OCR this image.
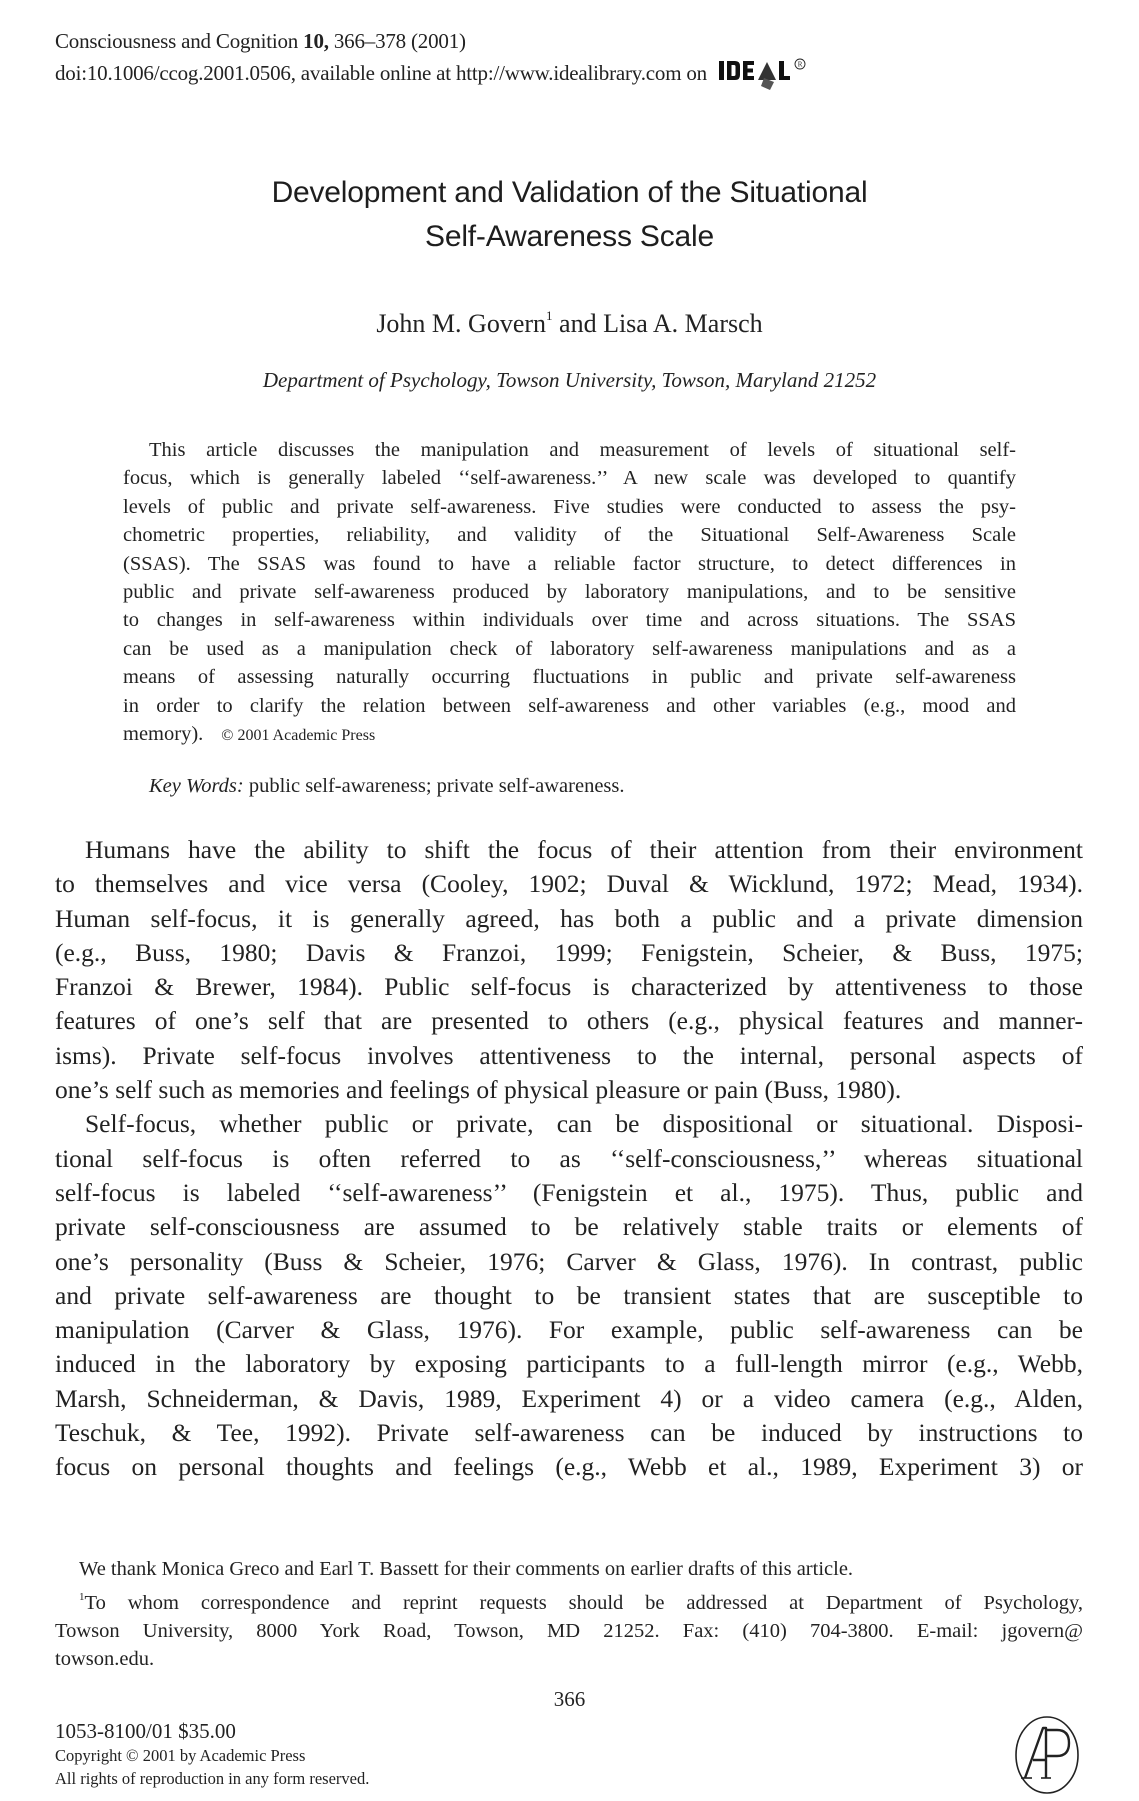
Consciousness and Cognition 10, 366–378 (2001)
doi:10.1006/ccog.2001.0506, available online at http://www.idealibrary.com on	R
Development and Validation of the Situational
Self-Awareness Scale
John M. Govern$^1$ and Lisa A. Marsch
Department of Psychology, Towson University, Towson, Maryland 21252
This article discusses the manipulation and measurement of levels of situational self-
focus, which is generally labeled ‘‘self-awareness.’’ A new scale was developed to quantify
levels of public and private self-awareness. Five studies were conducted to assess the psy-
chometric properties, reliability, and validity of the Situational Self-Awareness Scale
(SSAS). The SSAS was found to have a reliable factor structure, to detect differences in
public and private self-awareness produced by laboratory manipulations, and to be sensitive
to changes in self-awareness within individuals over time and across situations. The SSAS
can be used as a manipulation check of laboratory self-awareness manipulations and as a
means of assessing naturally occurring fluctuations in public and private self-awareness
in order to clarify the relation between self-awareness and other variables (e.g., mood and
memory). © 2001 Academic Press
Key Words: public self-awareness; private self-awareness.
Humans have the ability to shift the focus of their attention from their environment
to themselves and vice versa (Cooley, 1902; Duval & Wicklund, 1972; Mead, 1934).
Human self-focus, it is generally agreed, has both a public and a private dimension
(e.g., Buss, 1980; Davis & Franzoi, 1999; Fenigstein, Scheier, & Buss, 1975;
Franzoi & Brewer, 1984). Public self-focus is characterized by attentiveness to those
features of one’s self that are presented to others (e.g., physical features and manner-
isms). Private self-focus involves attentiveness to the internal, personal aspects of
one’s self such as memories and feelings of physical pleasure or pain (Buss, 1980).
Self-focus, whether public or private, can be dispositional or situational. Disposi-
tional self-focus is often referred to as ‘‘self-consciousness,’’ whereas situational
self-focus is labeled ‘‘self-awareness’’ (Fenigstein et al., 1975). Thus, public and
private self-consciousness are assumed to be relatively stable traits or elements of
one’s personality (Buss & Scheier, 1976; Carver & Glass, 1976). In contrast, public
and private self-awareness are thought to be transient states that are susceptible to
manipulation (Carver & Glass, 1976). For example, public self-awareness can be
induced in the laboratory by exposing participants to a full-length mirror (e.g., Webb,
Marsh, Schneiderman, & Davis, 1989, Experiment 4) or a video camera (e.g., Alden,
Teschuk, & Tee, 1992). Private self-awareness can be induced by instructions to
focus on personal thoughts and feelings (e.g., Webb et al., 1989, Experiment 3) or
We thank Monica Greco and Earl T. Bassett for their comments on earlier drafts of this article.
$^1$To whom correspondence and reprint requests should be addressed at Department of Psychology,
Towson University, 8000 York Road, Towson, MD 21252. Fax: (410) 704-3800. E-mail: jgovern@
towson.edu.
366
1053-8100/01 $35.00
Copyright © 2001 by Academic Press
All rights of reproduction in any form reserved.
